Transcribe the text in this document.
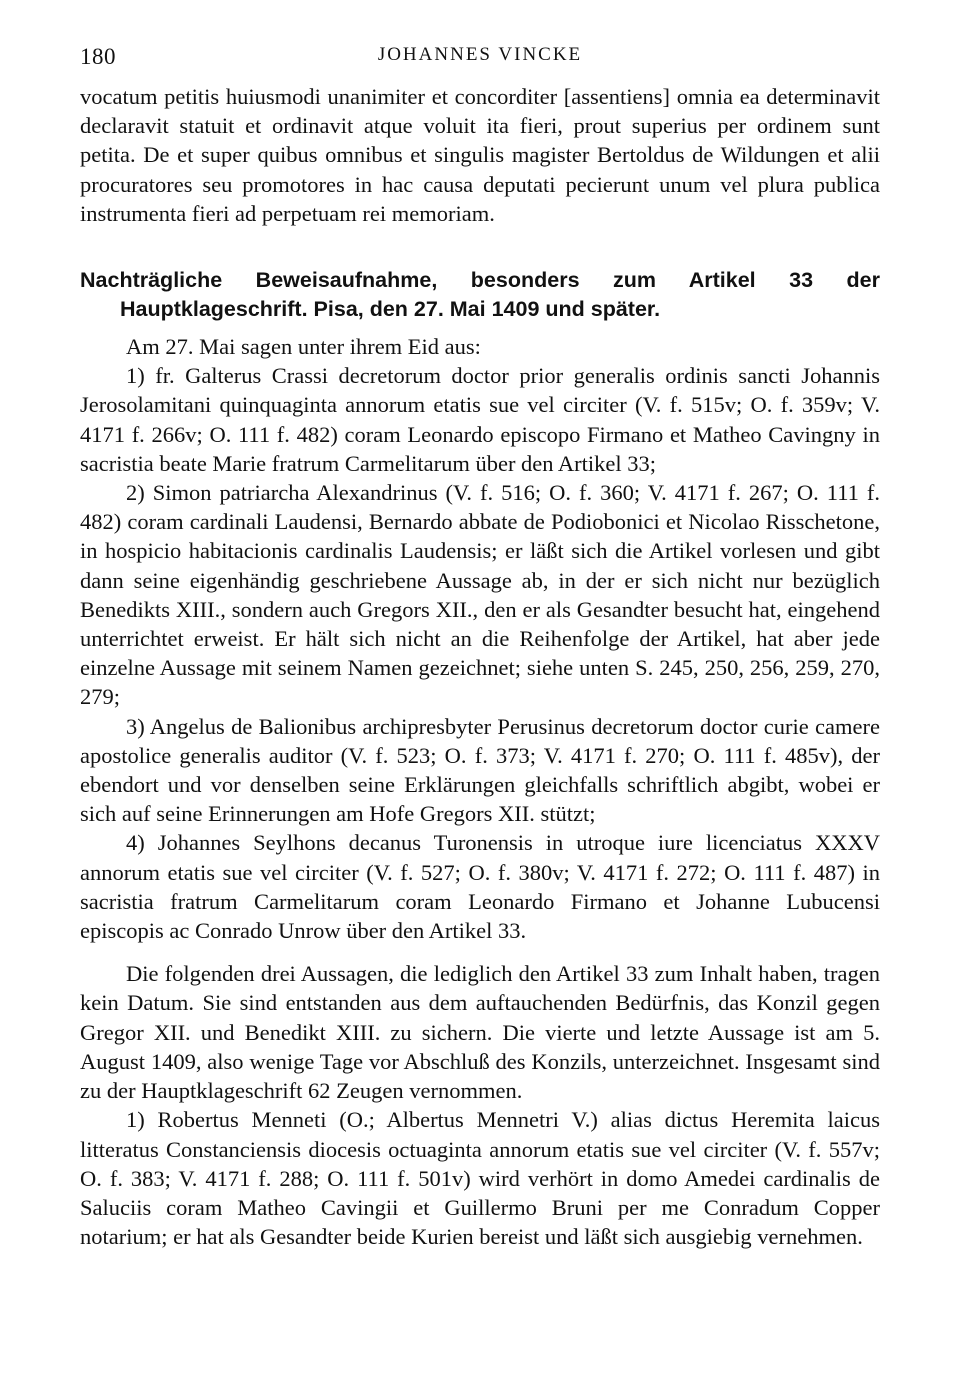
180	JOHANNES VINCKE

vocatum petitis huiusmodi unanimiter et concorditer [assentiens] omnia ea determinavit declaravit statuit et ordinavit atque voluit ita fieri, prout superius per ordinem sunt petita. De et super quibus omnibus et singulis magister Bertoldus de Wildungen et alii procuratores seu promotores in hac causa deputati pecierunt unum vel plura publica instrumenta fieri ad perpetuam rei memoriam.

Nachträgliche Beweisaufnahme, besonders zum Artikel 33 der Hauptklageschrift. Pisa, den 27. Mai 1409 und später.

Am 27. Mai sagen unter ihrem Eid aus:

1) fr. Galterus Crassi decretorum doctor prior generalis ordinis sancti Johannis Jerosolamitani quinquaginta annorum etatis sue vel circiter (V. f. 515v; O. f. 359v; V. 4171 f. 266v; O. 111 f. 482) coram Leonardo episcopo Firmano et Matheo Cavingny in sacristia beate Marie fratrum Carmelitarum über den Artikel 33;

2) Simon patriarcha Alexandrinus (V. f. 516; O. f. 360; V. 4171 f. 267; O. 111 f. 482) coram cardinali Laudensi, Bernardo abbate de Podiobonici et Nicolao Risschetone, in hospicio habitacionis cardinalis Laudensis; er läßt sich die Artikel vorlesen und gibt dann seine eigenhändig geschriebene Aussage ab, in der er sich nicht nur bezüglich Benedikts XIII., sondern auch Gregors XII., den er als Gesandter besucht hat, eingehend unterrichtet erweist. Er hält sich nicht an die Reihenfolge der Artikel, hat aber jede einzelne Aussage mit seinem Namen gezeichnet; siehe unten S. 245, 250, 256, 259, 270, 279;

3) Angelus de Balionibus archipresbyter Perusinus decretorum doctor curie camere apostolice generalis auditor (V. f. 523; O. f. 373; V. 4171 f. 270; O. 111 f. 485v), der ebendort und vor denselben seine Erklärungen gleichfalls schriftlich abgibt, wobei er sich auf seine Erinnerungen am Hofe Gregors XII. stützt;

4) Johannes Seylhons decanus Turonensis in utroque iure licenciatus XXXV annorum etatis sue vel circiter (V. f. 527; O. f. 380v; V. 4171 f. 272; O. 111 f. 487) in sacristia fratrum Carmelitarum coram Leonardo Firmano et Johanne Lubucensi episcopis ac Conrado Unrow über den Artikel 33.

Die folgenden drei Aussagen, die lediglich den Artikel 33 zum Inhalt haben, tragen kein Datum. Sie sind entstanden aus dem auftauchenden Bedürfnis, das Konzil gegen Gregor XII. und Benedikt XIII. zu sichern. Die vierte und letzte Aussage ist am 5. August 1409, also wenige Tage vor Abschluß des Konzils, unterzeichnet. Insgesamt sind zu der Hauptklageschrift 62 Zeugen vernommen.

1) Robertus Menneti (O.; Albertus Mennetri V.) alias dictus Heremita laicus litteratus Constanciensis diocesis octuaginta annorum etatis sue vel circiter (V. f. 557v; O. f. 383; V. 4171 f. 288; O. 111 f. 501v) wird verhört in domo Amedei cardinalis de Saluciis coram Matheo Cavingii et Guillermo Bruni per me Conradum Copper notarium; er hat als Gesandter beide Kurien bereist und läßt sich ausgiebig vernehmen.
